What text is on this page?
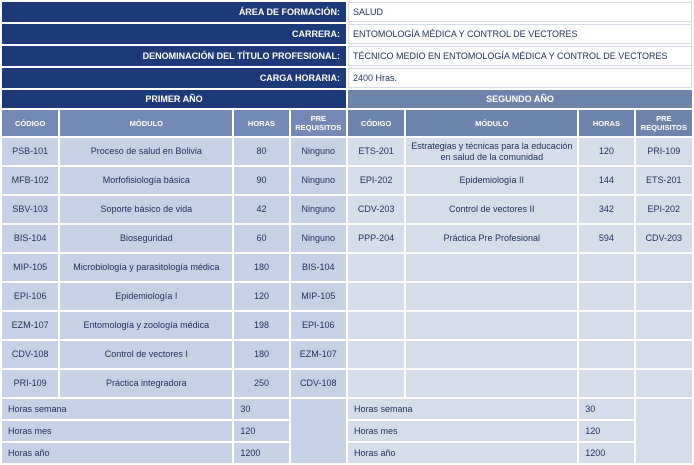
ÁREA DE FORMACIÓN:				SALUD			
CARRERA:				ENTOMOLOGÍA MÉDICA Y CONTROL DE VECTORES			
DENOMINACIÓN DEL TÍTULO PROFESIONAL:				TÉCNICO MEDIO EN ENTOMOLOGÍA MÉDICA Y CONTROL DE VECTORES			
CARGA HORARIA:				2400 Hras.			
PRIMER AÑO				SEGUNDO AÑO			
CÓDIGO	MÓDULO	HORAS	PRE REQUISITOS	CÓDIGO	MÓDULO	HORAS	PRE REQUISITOS
PSB-101	Proceso de salud en Bolivia	80	Ninguno	ETS-201	Estrategias y técnicas para la educación en salud de la comunidad	120	PRI-109
MFB-102	Morfofisiología básica	90	Ninguno	EPI-202	Epidemiología II	144	ETS-201
SBV-103	Soporte básico de vida	42	Ninguno	CDV-203	Control de vectores II	342	EPI-202
BIS-104	Bioseguridad	60	Ninguno	PPP-204	Práctica Pre Profesional	594	CDV-203
MIP-105	Microbiología y parasitología médica	180	BIS-104				
EPI-106	Epidemiología I	120	MIP-105				
EZM-107	Entomología y zoología médica	198	EPI-106				
CDV-108	Control de vectores I	180	EZM-107				
PRI-109	Práctica integradora	250	CDV-108				
Horas semana		30		Horas semana		30	
Horas mes		120		Horas mes		120	
Horas año		1200		Horas año		1200	
